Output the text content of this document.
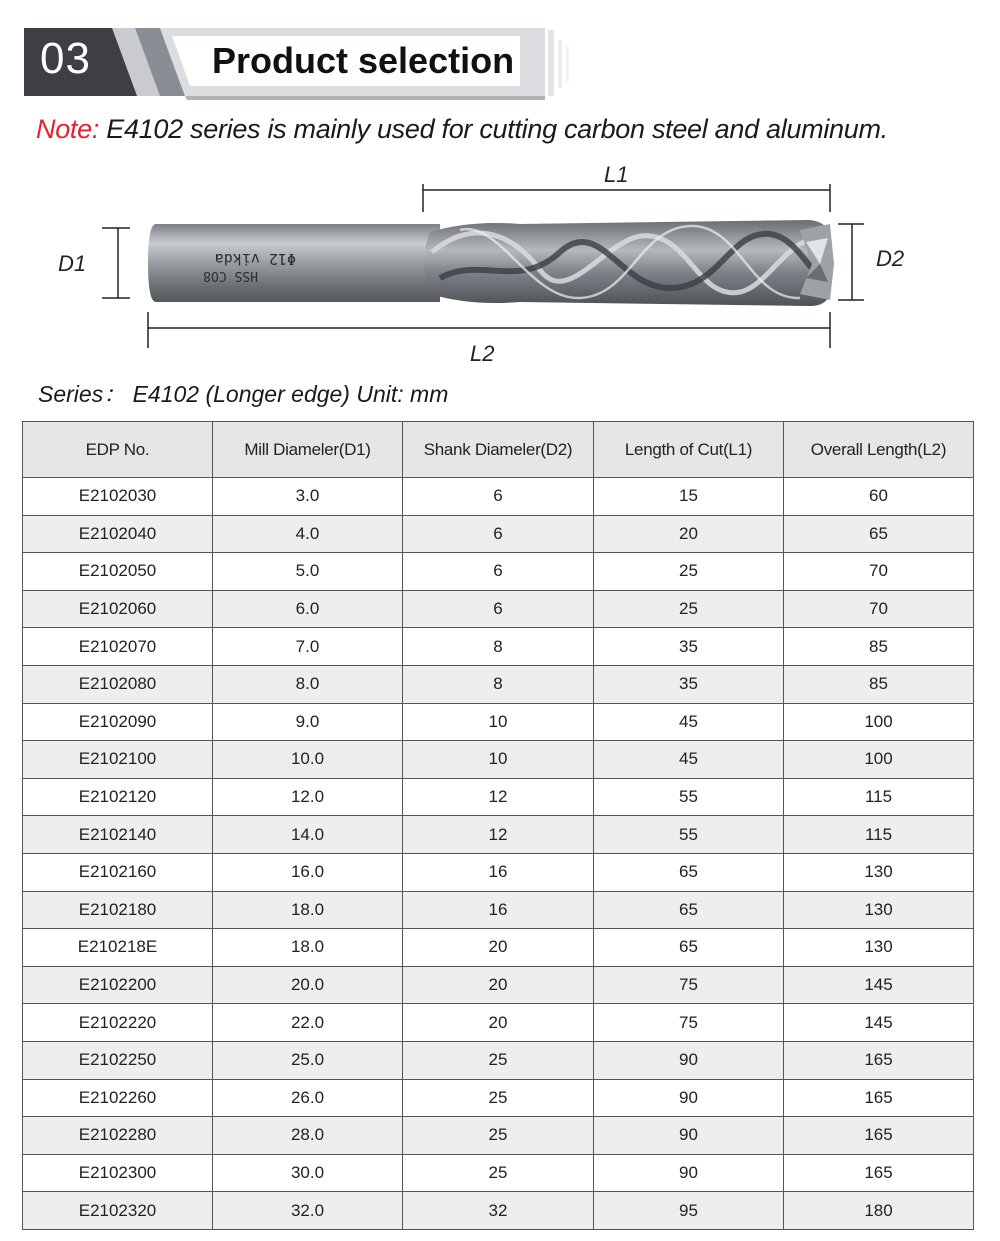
03	Product selection
Note: E4102 series is mainly used for cutting carbon steel and aluminum.
L1
D1	D2
L2
HSS CO8
Φ12 vikda
Series： E4102 (Longer edge) Unit: mm
EDP No.	Mill Diameler(D1)	Shank Diameler(D2)	Length of Cut(L1)	Overall Length(L2)
E2102030	3.0	6	15	60
E2102040	4.0	6	20	65
E2102050	5.0	6	25	70
E2102060	6.0	6	25	70
E2102070	7.0	8	35	85
E2102080	8.0	8	35	85
E2102090	9.0	10	45	100
E2102100	10.0	10	45	100
E2102120	12.0	12	55	115
E2102140	14.0	12	55	115
E2102160	16.0	16	65	130
E2102180	18.0	16	65	130
E210218E	18.0	20	65	130
E2102200	20.0	20	75	145
E2102220	22.0	20	75	145
E2102250	25.0	25	90	165
E2102260	26.0	25	90	165
E2102280	28.0	25	90	165
E2102300	30.0	25	90	165
E2102320	32.0	32	95	180
